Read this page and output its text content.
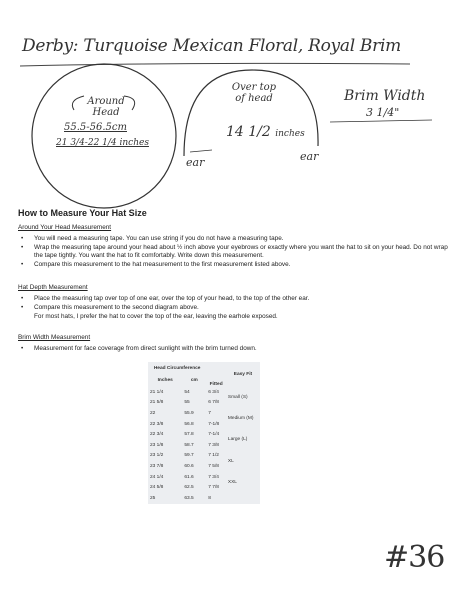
Derby: Turquoise Mexican Floral, Royal Brim
Around
Head
55.5-56.5cm
21 3/4-22 1/4 inches
Over top
of head
14 1/2 inches
ear	ear
Brim Width
3 1/4"
How to Measure Your Hat Size
Around Your Head Measurement
• You will need a measuring tape. You can use string if you do not have a measuring tape.
• Wrap the measuring tape around your head about ½ inch above your eyebrows or exactly where you want the hat to sit on your head. Do not wrap the tape tightly. You want the hat to fit comfortably. Write down this measurement.
• Compare this measurement to the hat measurement to the first measurement listed above.
Hat Depth Measurement
• Place the measuring tap over top of one ear, over the top of your head, to the top of the other ear.
• Compare this measurement to the second diagram above.
For most hats, I prefer the hat to cover the top of the ear, leaving the earhole exposed.
Brim Width Measurement
• Measurement for face coverage from direct sunlight with the brim turned down.
Head Circumference			Easy Fit
Inches	cm	Fitted	
21 1/4	54	6 3/4	Small (S)
21 5/8	55	6 7/8	
22	55.9	7	Medium (M)
22 3/8	56.8	7-1/8	
22 3/4	57.8	7-1/4	Large (L)
23 1/8	58.7	7 3/8	
23 1/2	59.7	7 1/2	XL
23 7/8	60.6	7 5/8	
24 1/4	61.6	7 3/4	XXL
24 5/8	62.5	7 7/8	
25	63.5	8	
#36
